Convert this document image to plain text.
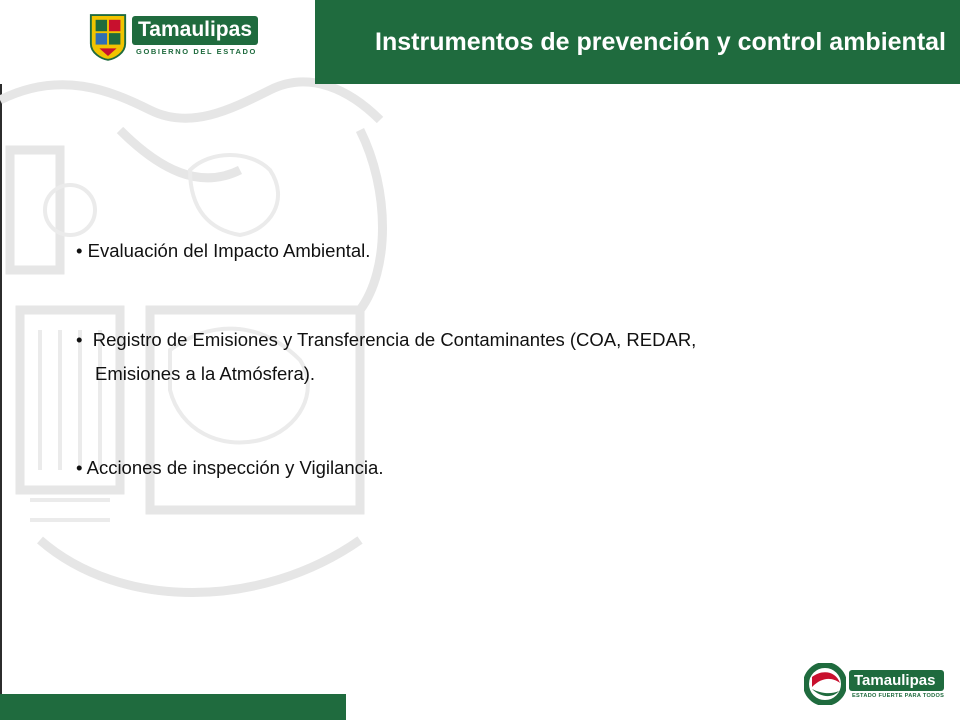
Tamaulipas
GOBIERNO DEL ESTADO	Instrumentos de prevención y control ambiental
• Evaluación del Impacto Ambiental.
• Registro de Emisiones y Transferencia de Contaminantes (COA, REDAR,
Emisiones a la Atmósfera).
• Acciones de inspección y Vigilancia.
Tamaulipas
ESTADO FUERTE PARA TODOS
